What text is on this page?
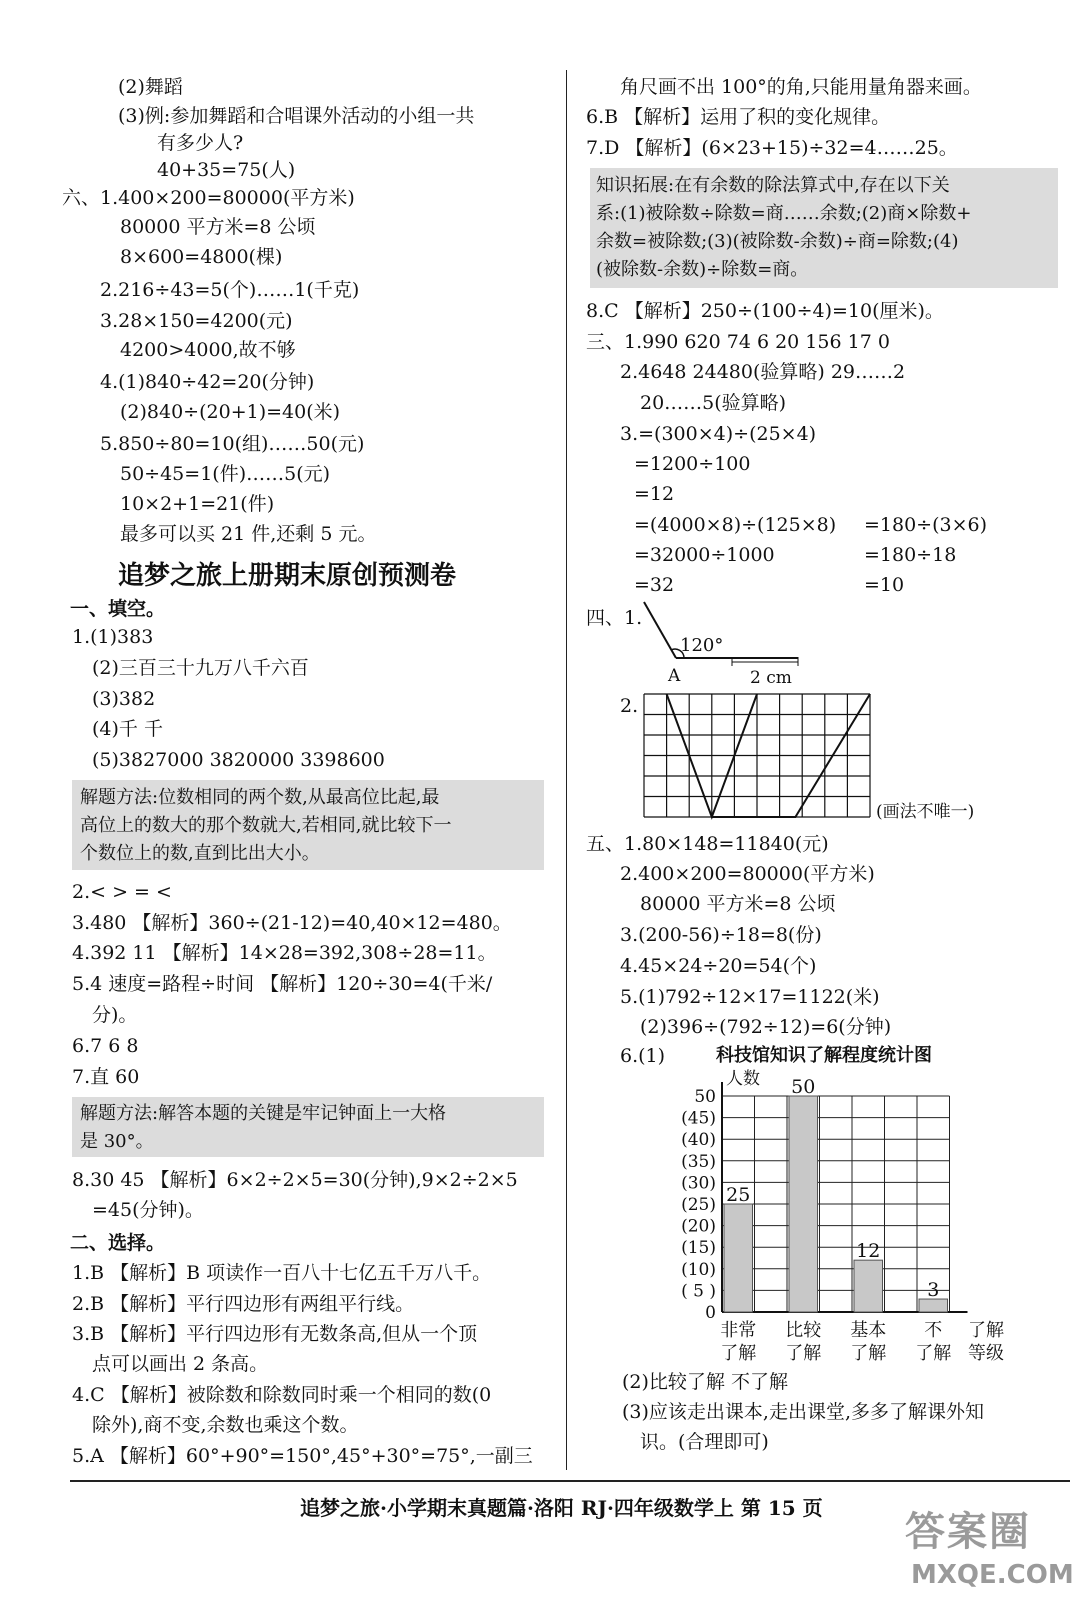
(2)舞蹈
(3)例:参加舞蹈和合唱课外活动的小组一共
有多少人?
40+35=75(人)
六、1.400×200=80000(平方米)
80000 平方米=8 公顷
8×600=4800(棵)
2.216÷43=5(个)……1(千克)
3.28×150=4200(元)
4200>4000,故不够
4.(1)840÷42=20(分钟)
(2)840÷(20+1)=40(米)
5.850÷80=10(组)……50(元)
50÷45=1(件)……5(元)
10×2+1=21(件)
最多可以买 21 件,还剩 5 元。
追梦之旅上册期末原创预测卷
一、填空。
1.(1)383
(2)三百三十九万八千六百
(3)382
(4)千 千
(5)3827000 3820000 3398600
解题方法:位数相同的两个数,从最高位比起,最
高位上的数大的那个数就大,若相同,就比较下一
个数位上的数,直到比出大小。
2.< > = <
3.480 【解析】360÷(21-12)=40,40×12=480。
4.392 11 【解析】14×28=392,308÷28=11。
5.4 速度=路程÷时间 【解析】120÷30=4(千米/
分)。
6.7 6 8
7.直 60
解题方法:解答本题的关键是牢记钟面上一大格
是 30°。
8.30 45 【解析】6×2÷2×5=30(分钟),9×2÷2×5
=45(分钟)。
二、选择。
1.B 【解析】B 项读作一百八十七亿五千万八千。
2.B 【解析】平行四边形有两组平行线。
3.B 【解析】平行四边形有无数条高,但从一个顶
点可以画出 2 条高。
4.C 【解析】被除数和除数同时乘一个相同的数(0
除外),商不变,余数也乘这个数。
5.A 【解析】60°+90°=150°,45°+30°=75°,一副三
角尺画不出 100°的角,只能用量角器来画。
6.B 【解析】运用了积的变化规律。
7.D 【解析】(6×23+15)÷32=4……25。
知识拓展:在有余数的除法算式中,存在以下关
系:(1)被除数÷除数=商……余数;(2)商×除数+
余数=被除数;(3)(被除数-余数)÷商=除数;(4)
(被除数-余数)÷除数=商。
8.C 【解析】250÷(100÷4)=10(厘米)。
三、1.990 620 74 6 20 156 17 0
2.4648 24480(验算略) 29……2
20……5(验算略)
3.=(300×4)÷(25×4)
=1200÷100
=12
=(4000×8)÷(125×8)
=32000÷1000
=32
=180÷(3×6)
=180÷18
=10
四、1.
120°
A	2 cm
2.
(画法不唯一)
五、1.80×148=11840(元)
2.400×200=80000(平方米)
80000 平方米=8 公顷
3.(200-56)÷18=8(份)
4.45×24÷20=54(个)
5.(1)792÷12×17=1122(米)
(2)396÷(792÷12)=6(分钟)
6.(1)	科技馆知识了解程度统计图
0
( 5 )
(10)
(15)
(20)
(25)
(30)
(35)
(40)
(45)
50
人数
25
50
12
3
非常
了解
比较
了解
基本
了解
不
了解
了解
等级
(2)比较了解 不了解
(3)应该走出课本,走出课堂,多多了解课外知
识。(合理即可)
追梦之旅·小学期末真题篇·洛阳 RJ·四年级数学上 第 15 页
答案圈
MXQE.COM
